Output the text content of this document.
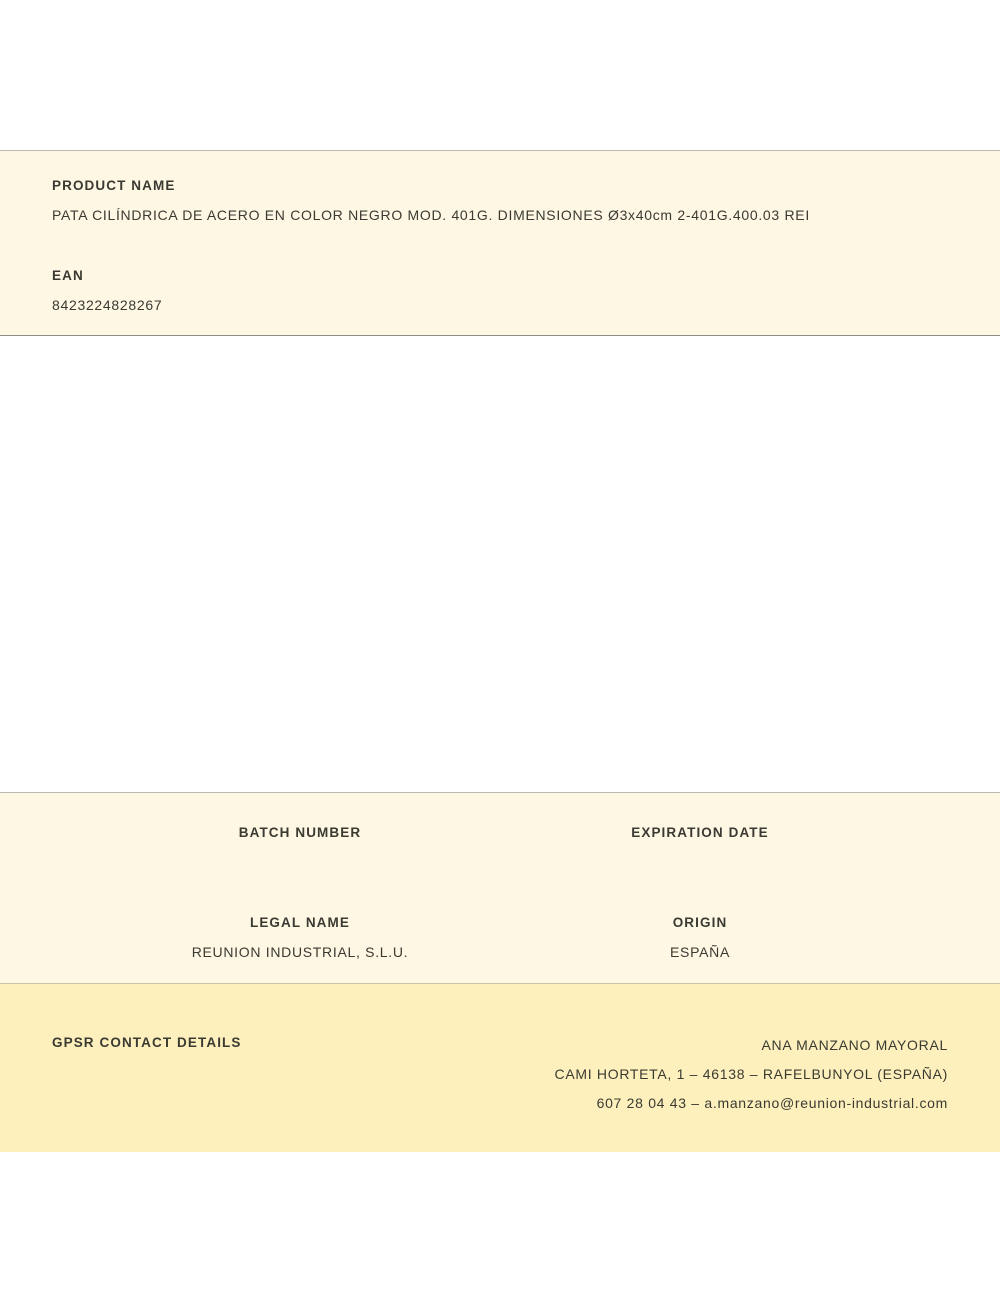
PRODUCT NAME
PATA CILÍNDRICA DE ACERO EN COLOR NEGRO MOD. 401G. DIMENSIONES Ø3x40cm 2-401G.400.03 REI
EAN
8423224828267
BATCH NUMBER	EXPIRATION DATE
LEGAL NAME
REUNION INDUSTRIAL, S.L.U.
ORIGIN
ESPAÑA
GPSR CONTACT DETAILS	ANA MANZANO MAYORAL
CAMI HORTETA, 1 – 46138 – RAFELBUNYOL (ESPAÑA)
607 28 04 43 – a.manzano@reunion-industrial.com
